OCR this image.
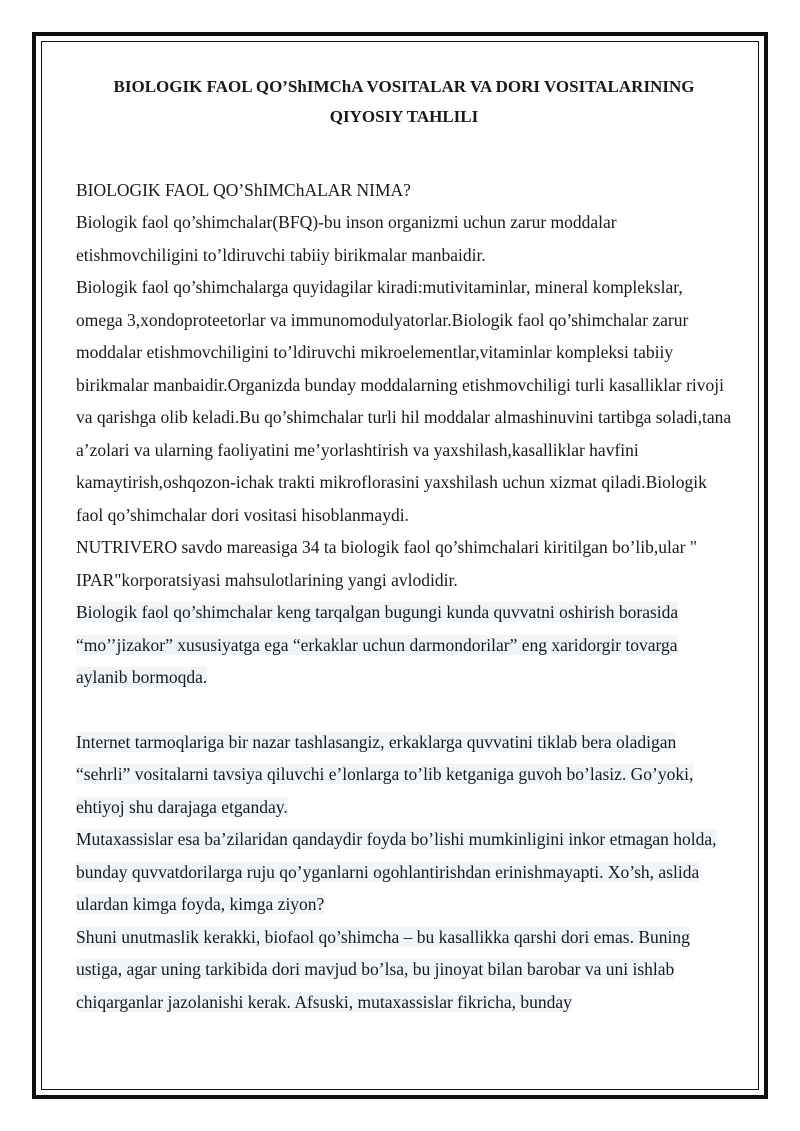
BIOLOGIK FAOL QO’ShIMChA VOSITALAR VA DORI VOSITALARINING QIYOSIY TAHLILI
BIOLOGIK FAOL QO’ShIMChALAR NIMA?

Biologik faol qo’shimchalar(BFQ)-bu inson organizmi uchun zarur moddalar etishmovchiligini to’ldiruvchi tabiiy birikmalar manbaidir.

Biologik faol qo’shimchalarga quyidagilar kiradi:mutivitaminlar, mineral komplekslar, omega 3,xondoproteetorlar va immunomodulyatorlar.Biologik faol qo’shimchalar zarur moddalar etishmovchiligini to’ldiruvchi mikroelementlar,vitaminlar kompleksi tabiiy birikmalar manbaidir.Organizda bunday moddalarning etishmovchiligi turli kasalliklar rivoji va qarishga olib keladi.Bu qo’shimchalar turli hil moddalar almashinuvini tartibga soladi,tana a’zolari va ularning faoliyatini me’yorlashtirish va yaxshilash,kasalliklar havfini kamaytirish,oshqozon-ichak trakti mikroflorasini yaxshilash uchun xizmat qiladi.Biologik faol qo’shimchalar dori vositasi hisoblanmaydi.

NUTRIVERO savdo mareasiga 34 ta biologik faol qo’shimchalari kiritilgan bo’lib,ular " IPAR"korporatsiyasi mahsulotlarining yangi avlodidir.

Biologik faol qo’shimchalar keng tarqalgan bugungi kunda quvvatni oshirish borasida “mo’’jizakor” xususiyatga ega “erkaklar uchun darmondorilar” eng xaridorgir tovarga aylanib bormoqda.

Internet tarmoqlariga bir nazar tashlasangiz, erkaklarga quvvatini tiklab bera oladigan “sehrli” vositalarni tavsiya qiluvchi e’lonlarga to’lib ketganiga guvoh bo’lasiz. Go’yoki, ehtiyoj shu darajaga etganday.

Mutaxassislar esa ba’zilaridan qandaydir foyda bo’lishi mumkinligini inkor etmagan holda, bunday quvvatdorilarga ruju qo’yganlarni ogohlantirishdan erinishmayapti. Xo’sh, aslida ulardan kimga foyda, kimga ziyon?

Shuni unutmaslik kerakki, biofaol qo’shimcha – bu kasallikka qarshi dori emas. Buning ustiga, agar uning tarkibida dori mavjud bo’lsa, bu jinoyat bilan barobar va uni ishlab chiqarganlar jazolanishi kerak. Afsuski, mutaxassislar fikricha, bunday
